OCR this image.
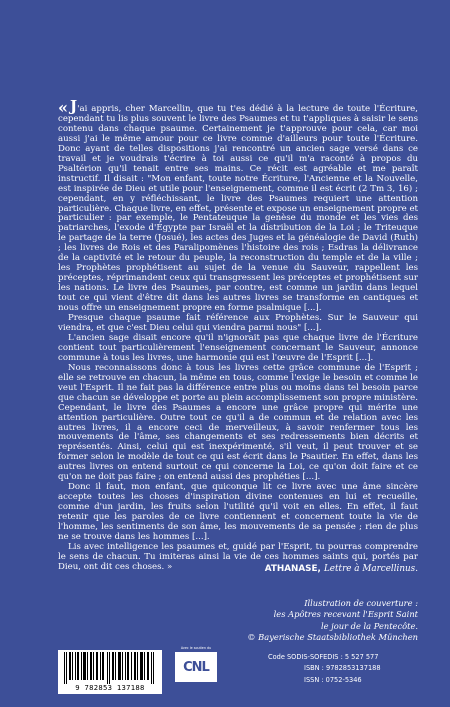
« J'ai appris, cher Marcellin, que tu t'es dédié à la lecture de toute l'Écriture, cependant tu lis plus souvent le livre des Psaumes et tu t'appliques à saisir le sens contenu dans chaque psaume. Certainement je t'approuve pour cela, car moi aussi j'ai le même amour pour ce livre comme d'ailleurs pour toute l'Écriture. Donc ayant de telles dispositions j'ai rencontré un ancien sage versé dans ce travail et je voudrais t'écrire à toi aussi ce qu'il m'a raconté à propos du Psaltérion qu'il tenait entre ses mains. Ce récit est agréable et me paraît instructif. Il disait : "Mon enfant, toute notre Écriture, l'Ancienne et la Nouvelle, est inspirée de Dieu et utile pour l'enseignement, comme il est écrit (2 Tm 3, 16) ; cependant, en y réfléchissant, le livre des Psaumes requiert une attention particulière. Chaque livre, en effet, présente et expose un enseignement propre et particulier : par exemple, le Pentateuque la genèse du monde et les vies des patriarches, l'exode d'Égypte par Israël et la distribution de la Loi ; le Triteuque le partage de la terre (Josué), les actes des Juges et la généalogie de David (Ruth) ; les livres de Rois et des Paralipomènes l'histoire des rois ; Esdras la délivrance de la captivité et le retour du peuple, la reconstruction du temple et de la ville ; les Prophètes prophétisent au sujet de la venue du Sauveur, rappellent les préceptes, réprimandent ceux qui transgressent les préceptes et prophétisent sur les nations. Le livre des Psaumes, par contre, est comme un jardin dans lequel tout ce qui vient d'être dit dans les autres livres se transforme en cantiques et nous offre un enseignement propre en forme psalmique [...].

Presque chaque psaume fait référence aux Prophètes. Sur le Sauveur qui viendra, et que c'est Dieu celui qui viendra parmi nous" [...].

L'ancien sage disait encore qu'il n'ignorait pas que chaque livre de l'Écriture contient tout particulièrement l'enseignement concernant le Sauveur, annonce commune à tous les livres, une harmonie qui est l'œuvre de l'Esprit [...].

Nous reconnaissons donc à tous les livres cette grâce commune de l'Esprit ; elle se retrouve en chacun, la même en tous, comme l'exige le besoin et comme le veut l'Esprit. Il ne fait pas la différence entre plus ou moins dans tel besoin parce que chacun se développe et porte au plein accomplissement son propre ministère. Cependant, le livre des Psaumes a encore une grâce propre qui mérite une attention particulière. Outre tout ce qu'il a de commun et de relation avec les autres livres, il a encore ceci de merveilleux, à savoir renfermer tous les mouvements de l'âme, ses changements et ses redressements bien décrits et représentés. Ainsi, celui qui est inexpérimenté, s'il veut, il peut trouver et se former selon le modèle de tout ce qui est écrit dans le Psautier. En effet, dans les autres livres on entend surtout ce qui concerne la Loi, ce qu'on doit faire et ce qu'on ne doit pas faire ; on entend aussi des prophéties [...].

Donc il faut, mon enfant, que quiconque lit ce livre avec une âme sincère accepte toutes les choses d'inspiration divine contenues en lui et recueille, comme d'un jardin, les fruits selon l'utilité qu'il voit en elles. En effet, il faut retenir que les paroles de ce livre contiennent et concernent toute la vie de l'homme, les sentiments de son âme, les mouvements de sa pensée ; rien de plus ne se trouve dans les hommes [...].

Lis avec intelligence les psaumes et, guidé par l'Esprit, tu pourras comprendre le sens de chacun. Tu imiteras ainsi la vie de ces hommes saints qui, portés par Dieu, ont dit ces choses. »	ATHANASE, Lettre à Marcellinus.
Illustration de couverture :
les Apôtres recevant l'Esprit Saint
le jour de la Pentecôte.
© Bayerische Staatsbibliothek München
9 782853 137188
Avec le soutien du
CNL
Code SODIS-SOFEDIS : 5 527 577
ISBN : 978285313718​8
ISSN : 0752-5346
